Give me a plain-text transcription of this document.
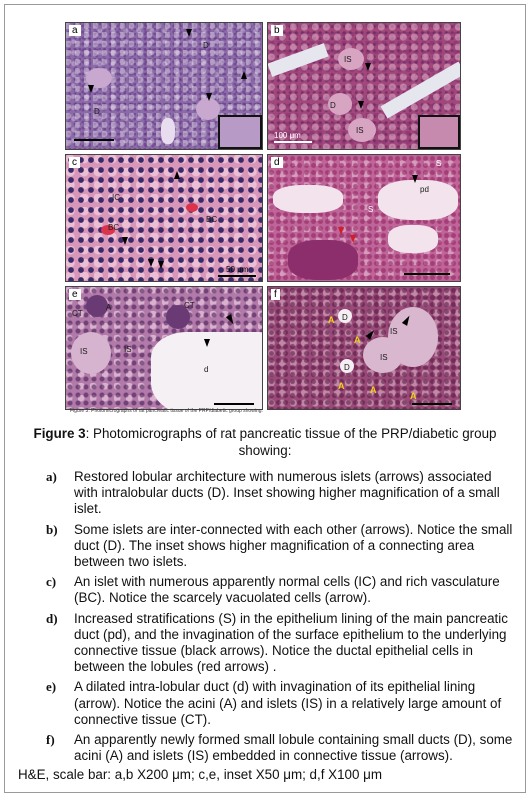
a
D
D
b
IS
IS
D
100 μm
c
IC
BC
BC
50 μm
d
pd
S
S
e
CT
CT
IS	IS
d
A
f
IS
IS
A
A
A	A
A
D
D
Figure 3: Photomicrographs of rat pancreatic tissue of the PRP/diabetic group showing:
Figure 3: Photomicrographs of rat pancreatic tissue of the PRP/diabetic group showing:
a) Restored lobular architecture with numerous islets (arrows) associated with intralobular ducts (D). Inset showing higher magnification of a small islet.
b) Some islets are inter-connected with each other (arrows). Notice the small duct (D). The inset shows higher magnification of a connecting area between two islets.
c) An islet with numerous apparently normal cells (IC) and rich vasculature (BC). Notice the scarcely vacuolated cells (arrow).
d) Increased stratifications (S) in the epithelium lining of the main pancreatic duct (pd), and the invagination of the surface epithelium to the underlying connective tissue (black arrows). Notice the ductal epithelial cells in between the lobules (red arrows) .
e) A dilated intra-lobular duct (d) with invagination of its epithelial lining (arrow). Notice the acini (A) and islets (IS) in a relatively large amount of connective tissue (CT).
f) An apparently newly formed small lobule containing small ducts (D), some acini (A) and islets (IS) embedded in connective tissue (arrows).
H&E, scale bar: a,b X200 μm; c,e, inset X50 μm; d,f X100 μm
